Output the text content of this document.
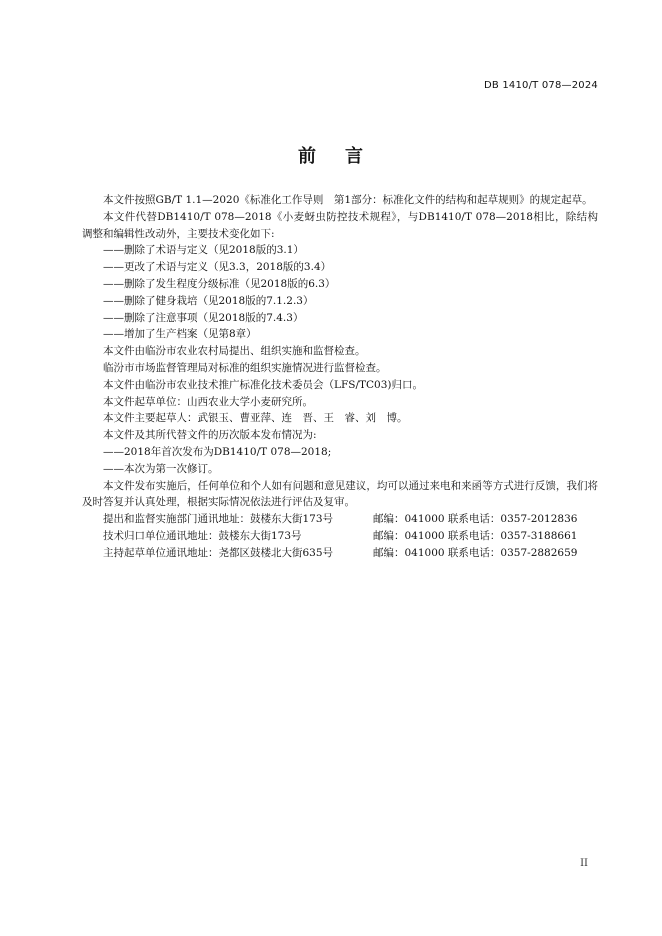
DB 1410/T 078—2024
前 言

本文件按照GB/T 1.1—2020《标准化工作导则　第1部分：标准化文件的结构和起草规则》的规定起草。

本文件代替DB1410/T 078—2018《小麦蚜虫防控技术规程》，与DB1410/T 078—2018相比，除结构调整和编辑性改动外，主要技术变化如下:

——删除了术语与定义（见2018版的3.1）

——更改了术语与定义（见3.3，2018版的3.4）

——删除了发生程度分级标准（见2018版的6.3）

——删除了健身栽培（见2018版的7.1.2.3）

——删除了注意事项（见2018版的7.4.3）

——增加了生产档案（见第8章）

本文件由临汾市农业农村局提出、组织实施和监督检查。

临汾市市场监督管理局对标准的组织实施情况进行监督检查。

本文件由临汾市农业技术推广标准化技术委员会（LFS/TC03)归口。

本文件起草单位：山西农业大学小麦研究所。

本文件主要起草人：武银玉、曹亚萍、连　晋、王　睿、刘　博。

本文件及其所代替文件的历次版本发布情况为:

——2018年首次发布为DB1410/T 078—2018;

——本次为第一次修订。

本文件发布实施后，任何单位和个人如有问题和意见建议，均可以通过来电和来函等方式进行反馈，我们将及时答复并认真处理，根据实际情况依法进行评估及复审。

提出和监督实施部门通讯地址：鼓楼东大街173号	邮编：041000 联系电话：0357-2012836
技术归口单位通讯地址：鼓楼东大街173号	邮编：041000 联系电话：0357-3188661
主持起草单位通讯地址：尧都区鼓楼北大街635号	邮编：041000 联系电话：0357-2882659
II
